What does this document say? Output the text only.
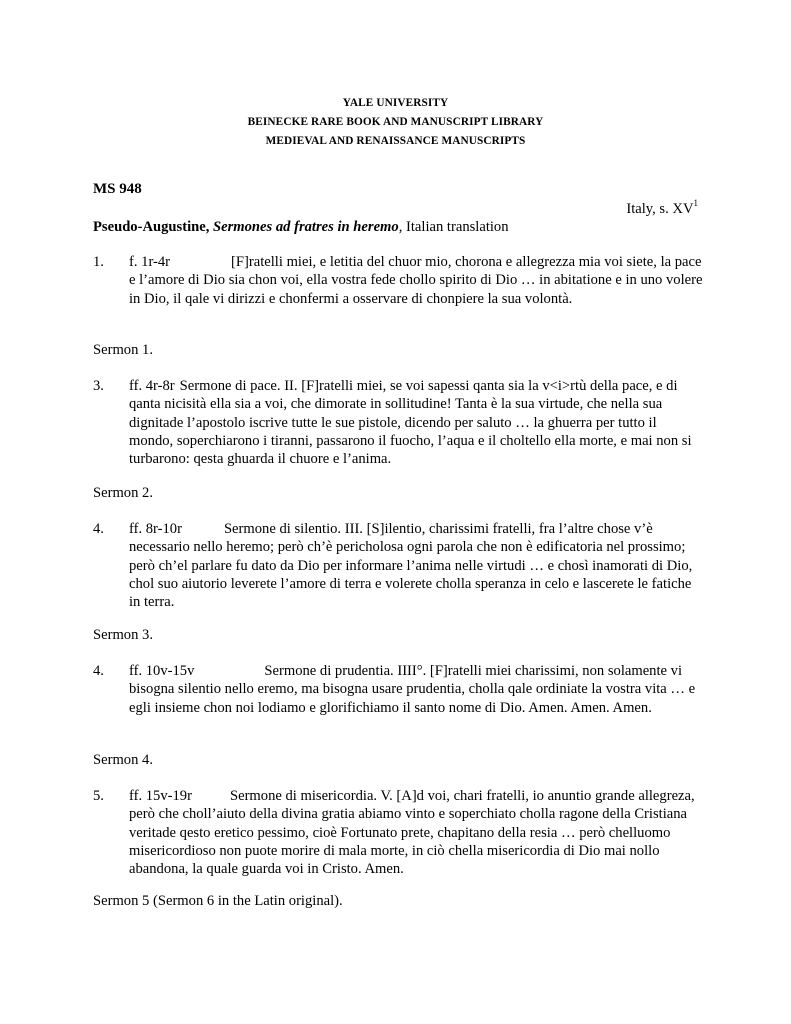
YALE UNIVERSITY
BEINECKE RARE BOOK AND MANUSCRIPT LIBRARY
MEDIEVAL AND RENAISSANCE MANUSCRIPTS
MS 948
Italy, s. $XV^1$
Pseudo-Augustine, Sermones ad fratres in heremo, Italian translation
1. f. 1r-4r	[F]ratelli miei, e letitia del chuor mio, chorona e allegrezza mia voi siete, la pace e l’amore di Dio sia chon voi, ella vostra fede chollo spirito di Dio … in abitatione e in uno volere in Dio, il qale vi dirizzi e chonfermi a osservare di chonpiere la sua volontà.
Sermon 1.
3. ff. 4r-8r Sermone di pace. II. [F]ratelli miei, se voi sapessi qanta sia la v<i>rtù della pace, e di qanta nicisità ella sia a voi, che dimorate in sollitudine! Tanta è la sua virtude, che nella sua dignitade l’apostolo iscrive tutte le sue pistole, dicendo per saluto … la ghuerra per tutto il mondo, soperchiarono i tiranni, passarono il fuocho, l’aqua e il choltello ella morte, e mai non si turbarono: qesta ghuarda il chuore e l’anima.
Sermon 2.
4. ff. 8r-10r	Sermone di silentio. III. [S]ilentio, charissimi fratelli, fra l’altre chose v’è necessario nello heremo; però ch’è pericholosa ogni parola che non è edificatoria nel prossimo; però ch’el parlare fu dato da Dio per informare l’anima nelle virtudi … e chosì inamorati di Dio, chol suo aiutorio leverete l’amore di terra e volerete cholla speranza in celo e lascerete le fatiche in terra.
Sermon 3.
4. ff. 10v-15v	Sermone di prudentia. IIII°. [F]ratelli miei charissimi, non solamente vi bisogna silentio nello eremo, ma bisogna usare prudentia, cholla qale ordiniate la vostra vita … e egli insieme chon noi lodiamo e glorifichiamo il santo nome di Dio. Amen. Amen. Amen.
Sermon 4.
5. ff. 15v-19r	Sermone di misericordia. V. [A]d voi, chari fratelli, io anuntio grande allegreza, però che choll’aiuto della divina gratia abiamo vinto e soperchiato cholla ragone della Cristiana veritade qesto eretico pessimo, cioè Fortunato prete, chapitano della resia … però chelluomo misericordioso non puote morire di mala morte, in ciò chella misericordia di Dio mai nollo abandona, la quale guarda voi in Cristo. Amen.
Sermon 5 (Sermon 6 in the Latin original).
